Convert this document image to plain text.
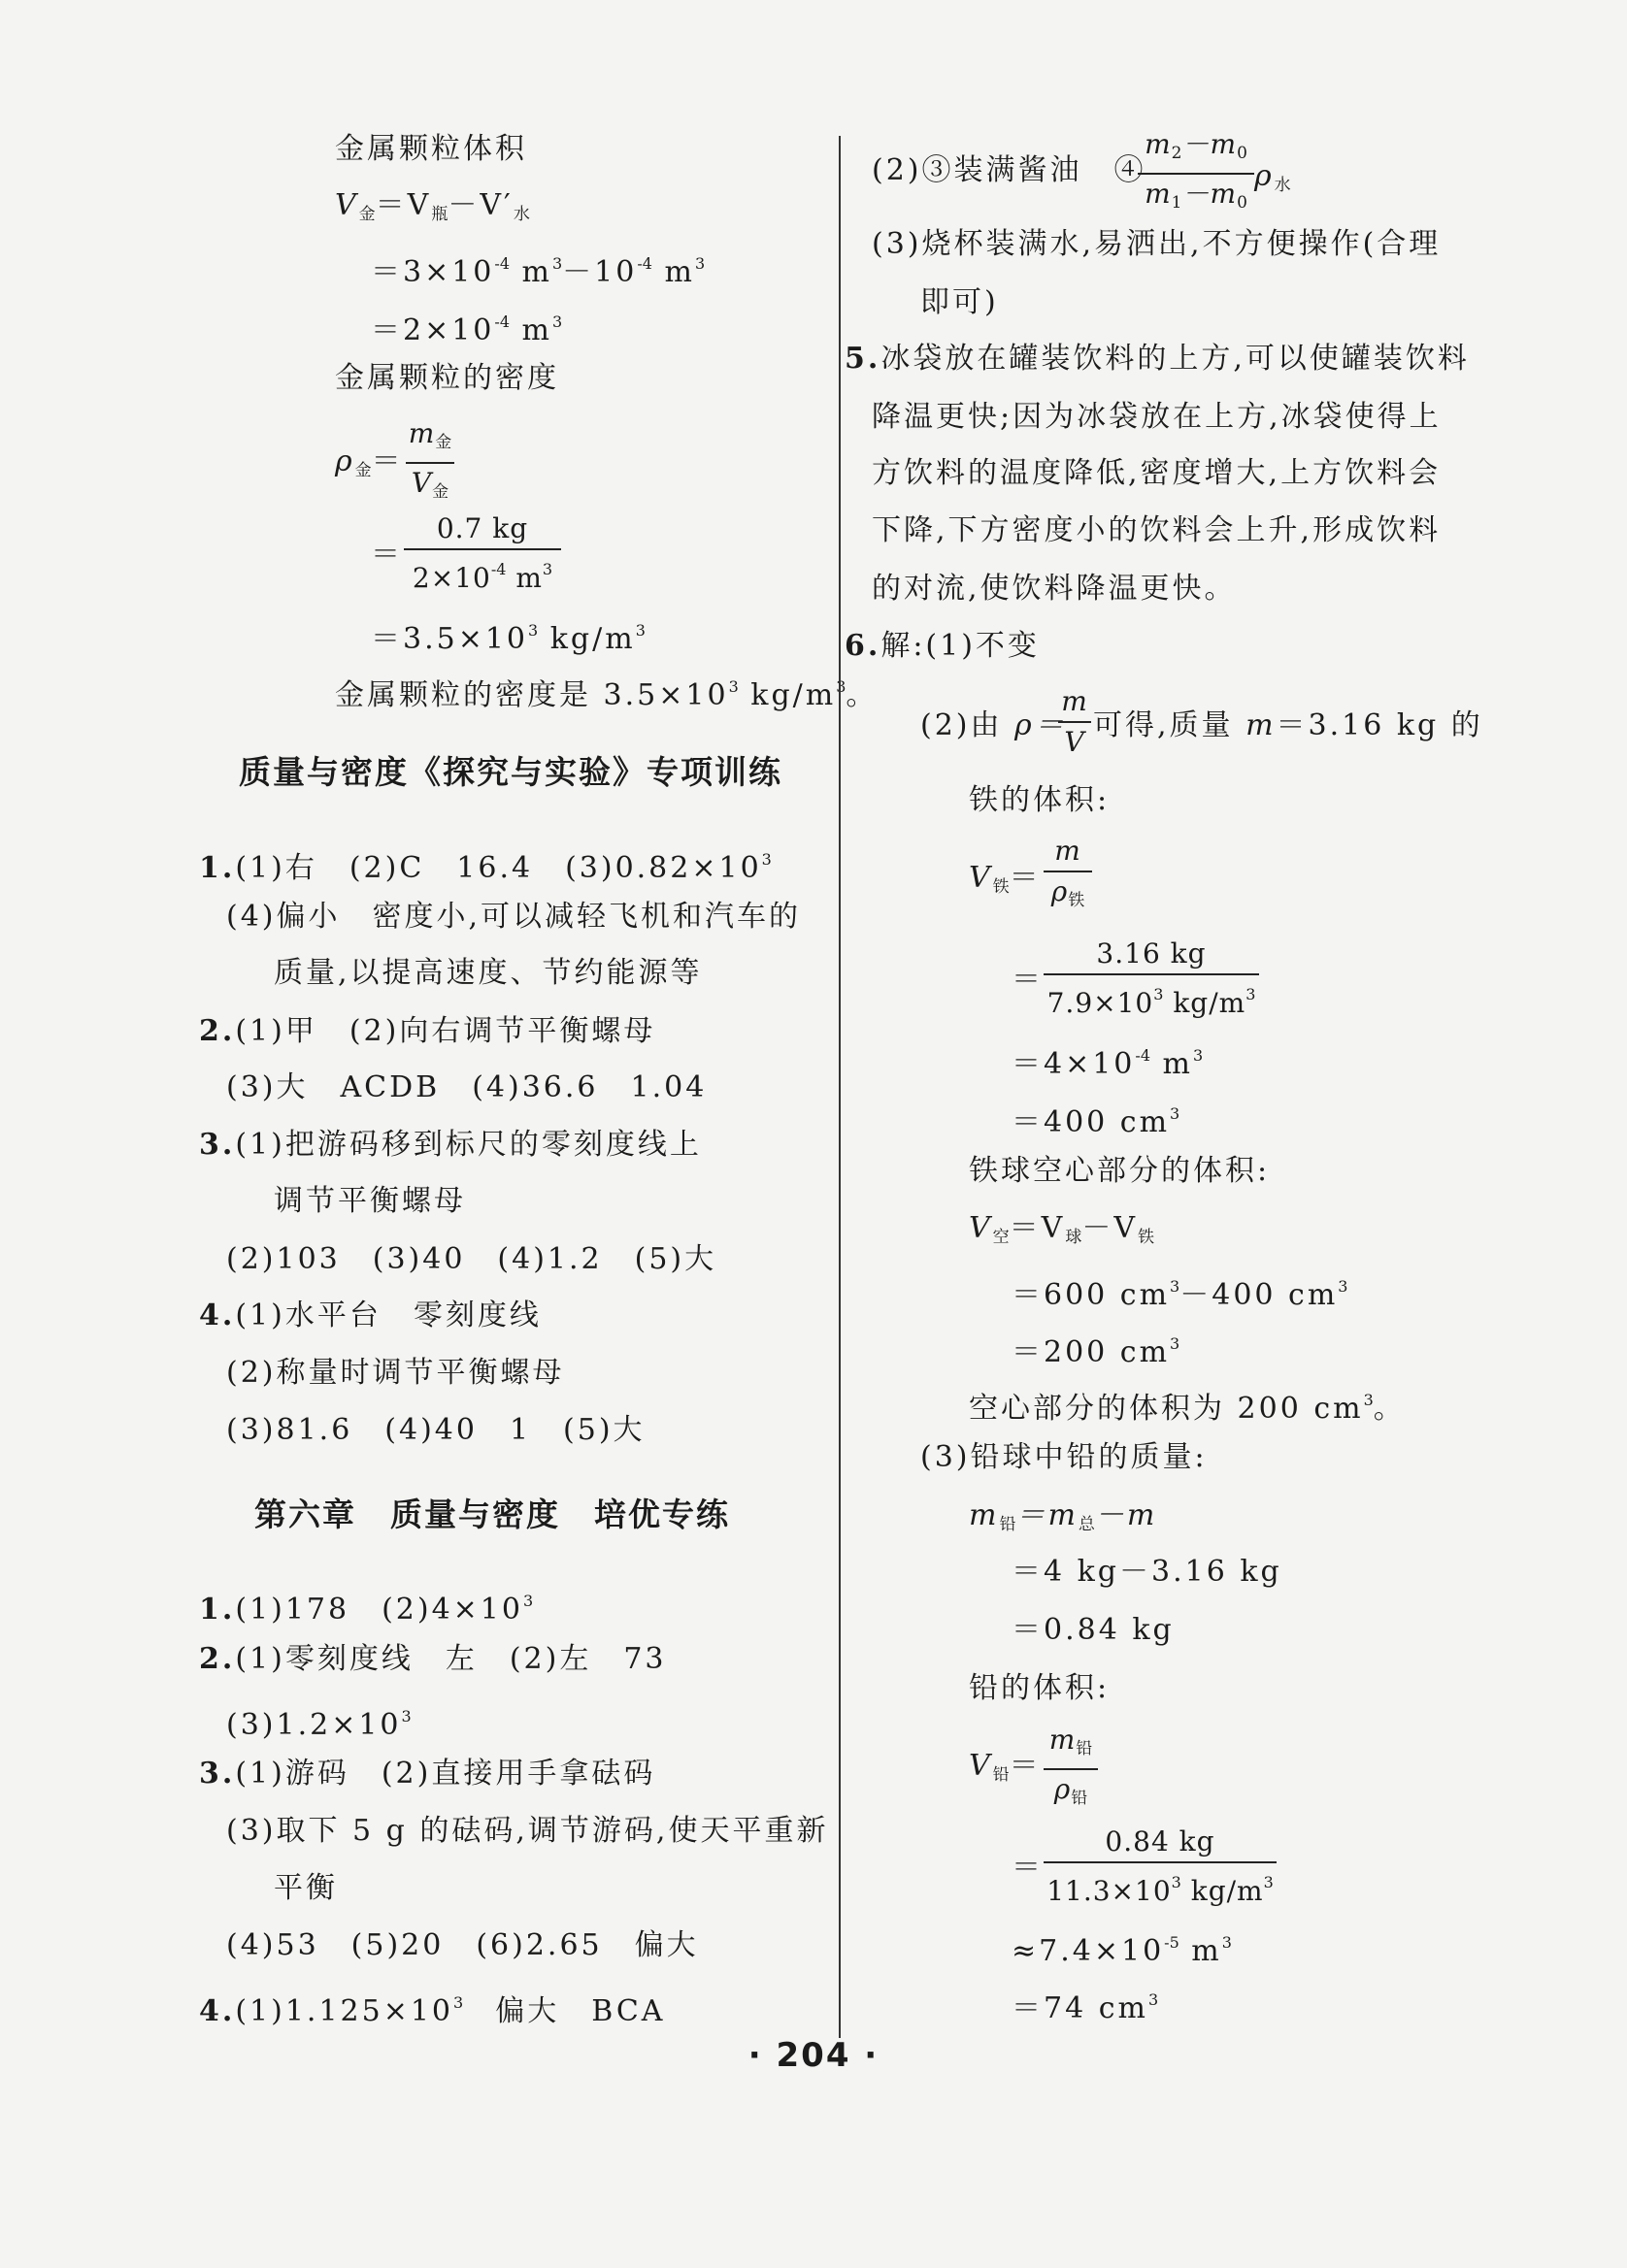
金属颗粒体积
$V_金=V_瓶-V'_水$
$=3\times 10^{-4}$ $m^3-10^{-4}$ $m^3$
$=2\times 10^{-4}$ $m^3$
金属颗粒的密度
$\rho_金=$
$m_金$
$V_金$
＝
0.7 kg
$2\times 10^{-4}$ $m^3$
$=3.5\times 10^3$ $kg/m^3$
金属颗粒的密度是 $3.5\times 10^3$ $kg/m^3$。
质量与密度《探究与实验》专项训练
1.(1)右　(2)C　16.4　$(3)0.82\times 10^3$
(4)偏小　密度小,可以减轻飞机和汽车的
质量,以提高速度、节约能源等
2.(1)甲　(2)向右调节平衡螺母
(3)大　ACDB　(4)36.6　1.04
3.(1)把游码移到标尺的零刻度线上
调节平衡螺母
(2)103　(3)40　(4)1.2　(5)大
4.(1)水平台　零刻度线
(2)称量时调节平衡螺母
(3)81.6　(4)40　1　(5)大
第六章　质量与密度　培优专练
1.(1)178　$(2)4\times 10^3$
2.(1)零刻度线　左　(2)左　73
$(3)1.2\times 10^3$
3.(1)游码　(2)直接用手拿砝码
(3)取下 5 g 的砝码,调节游码,使天平重新
平衡
(4)53　(5)20　(6)2.65　偏大
$4.(1)1.125\times 10^3$　偏大　BCA
(2)③装满酱油　④
$m_2-m_0$
$m_1-m_0$
$\rho_水$
(3)烧杯装满水,易洒出,不方便操作(合理
即可)
5.冰袋放在罐装饮料的上方,可以使罐装饮料
降温更快;因为冰袋放在上方,冰袋使得上
方饮料的温度降低,密度增大,上方饮料会
下降,下方密度小的饮料会上升,形成饮料
的对流,使饮料降温更快。
6.解:(1)不变
(2)由 ρ＝
m
V 可得,质量 m＝3.16 kg 的
铁的体积:
$V_铁=$
m
$\rho_铁$
＝
3.16 kg
$7.9\times 10^3$ $kg/m^3$
$=4\times 10^{-4}$ $m^3$
＝400 $cm^3$
铁球空心部分的体积:
$V_空=V_球-V_铁$
＝600 $cm^3-400$ $cm^3$
＝200 $cm^3$
空心部分的体积为 200 $cm^3$。
(3)铅球中铅的质量:
$m_铅=m_总-m$
＝4 kg－3.16 kg
＝0.84 kg
铅的体积:
$V_铅=$
$m_铅$
$\rho_铅$
＝
0.84 kg
$11.3\times 10^3$ $kg/m^3$
$\approx 7.4\times 10^{-5}$ $m^3$
＝74 $cm^3$
· 204 ·
